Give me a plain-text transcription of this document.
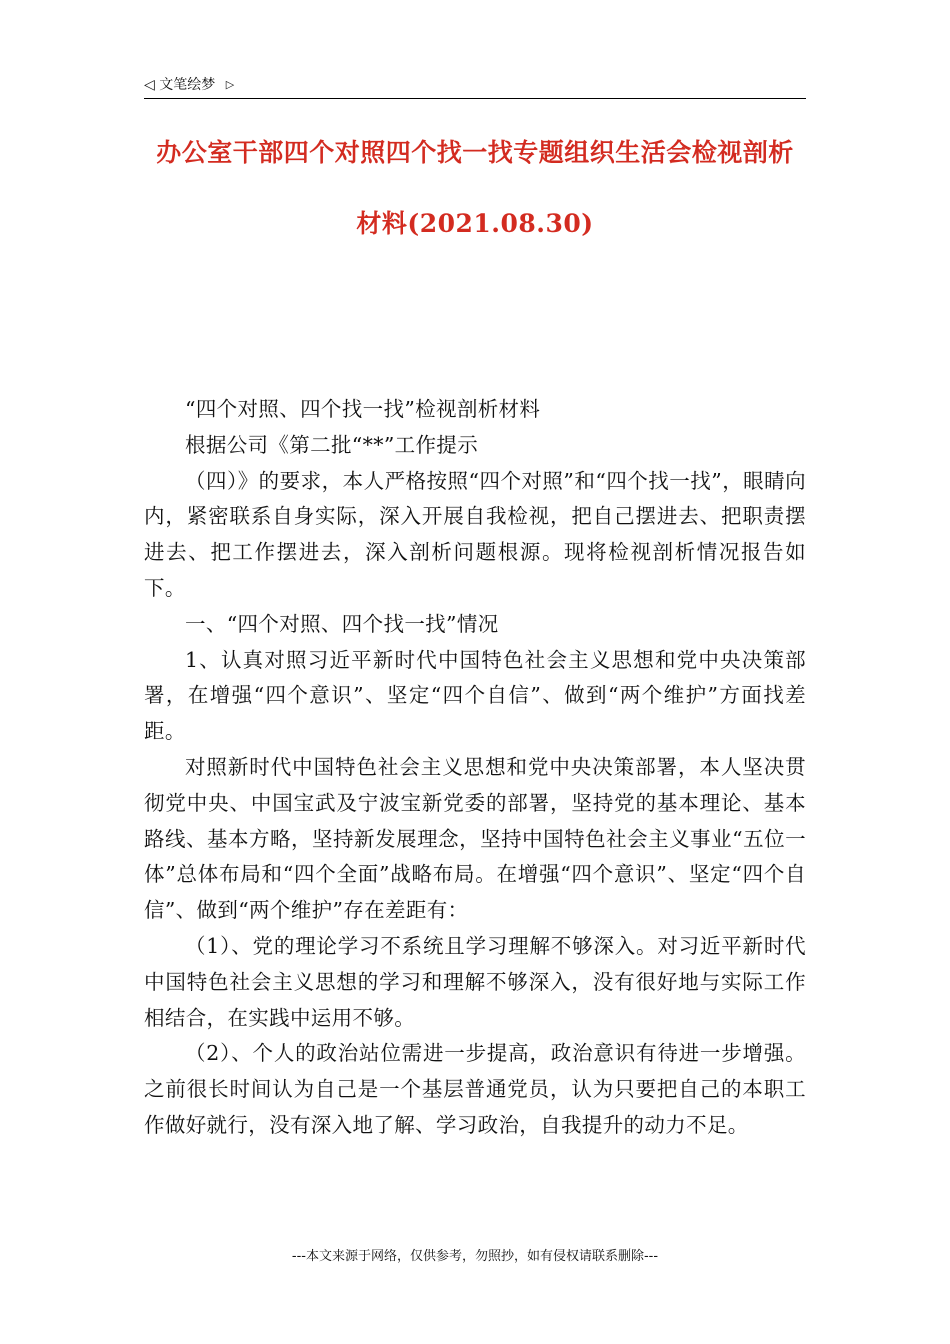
◁ 文笔绘梦 ▷
办公室干部四个对照四个找一找专题组织生活会检视剖析
材料(2021.08.30)

“四个对照、四个找一找”检视剖析材料

根据公司《第二批“**”工作提示

（四）》的要求，本人严格按照“四个对照”和“四个找一找”，眼睛向内，紧密联系自身实际，深入开展自我检视，把自己摆进去、把职责摆进去、把工作摆进去，深入剖析问题根源。现将检视剖析情况报告如下。

一、“四个对照、四个找一找”情况

1、认真对照习近平新时代中国特色社会主义思想和党中央决策部署，在增强“四个意识”、坚定“四个自信”、做到“两个维护”方面找差距。

对照新时代中国特色社会主义思想和党中央决策部署，本人坚决贯彻党中央、中国宝武及宁波宝新党委的部署，坚持党的基本理论、基本路线、基本方略，坚持新发展理念，坚持中国特色社会主义事业“五位一体”总体布局和“四个全面”战略布局。在增强“四个意识”、坚定“四个自信”、做到“两个维护”存在差距有：

（1）、党的理论学习不系统且学习理解不够深入。对习近平新时代中国特色社会主义思想的学习和理解不够深入，没有很好地与实际工作相结合，在实践中运用不够。

（2）、个人的政治站位需进一步提高，政治意识有待进一步增强。之前很长时间认为自己是一个基层普通党员，认为只要把自己的本职工作做好就行，没有深入地了解、学习政治，自我提升的动力不足。

---本文来源于网络，仅供参考，勿照抄，如有侵权请联系删除---
